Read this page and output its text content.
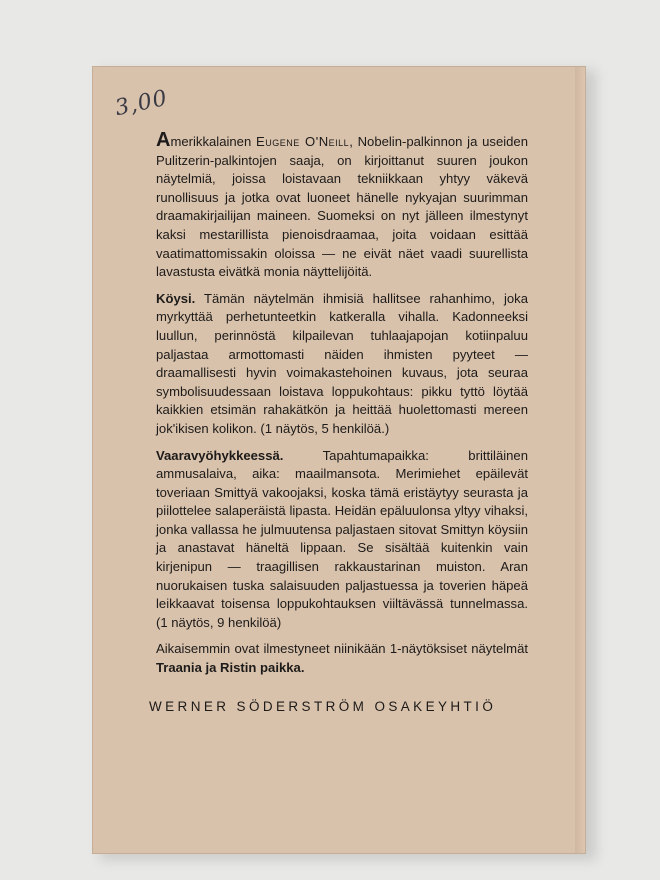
3,00

Amerikkalainen Eugene O'Neill, Nobelin-palkinnon ja useiden Pulitzerin-palkintojen saaja, on kirjoittanut suuren joukon näytelmiä, joissa loistavaan tekniikkaan yhtyy väkevä runollisuus ja jotka ovat luoneet hänelle nykyajan suurimman draamakirjailijan maineen. Suomeksi on nyt jälleen ilmestynyt kaksi mestarillista pienoisdraamaa, joita voidaan esittää vaatimattomissakin oloissa — ne eivät näet vaadi suurellista lavastusta eivätkä monia näyttelijöitä.

Köysi. Tämän näytelmän ihmisiä hallitsee rahanhimo, joka myrkyttää perhetunteetkin katkeralla vihalla. Kadonneeksi luullun, perinnöstä kilpailevan tuhlaajapojan kotiinpaluu paljastaa armottomasti näiden ihmisten pyyteet — draamallisesti hyvin voimakastehoinen kuvaus, jota seuraa symbolisuudessaan loistava loppukohtaus: pikku tyttö löytää kaikkien etsimän rahakätkön ja heittää huolettomasti mereen jok'ikisen kolikon. (1 näytös, 5 henkilöä.)

Vaaravyöhykkeessä. Tapahtumapaikka: brittiläinen ammusalaiva, aika: maailmansota. Merimiehet epäilevät toveriaan Smittyä vakoojaksi, koska tämä eristäytyy seurasta ja piilottelee salaperäistä lipasta. Heidän epäluulonsa yltyy vihaksi, jonka vallassa he julmuutensa paljastaen sitovat Smittyn köysiin ja anastavat häneltä lippaan. Se sisältää kuitenkin vain kirjenipun — traagillisen rakkaustarinan muiston. Aran nuorukaisen tuska salaisuuden paljastuessa ja toverien häpeä leikkaavat toisensa loppukohtauksen viiltävässä tunnelmassa. (1 näytös, 9 henkilöä)

Aikaisemmin ovat ilmestyneet niinikään 1-näytöksiset näytelmät Traania ja Ristin paikka.

WERNER SÖDERSTRÖM OSAKEYHTIÖ
